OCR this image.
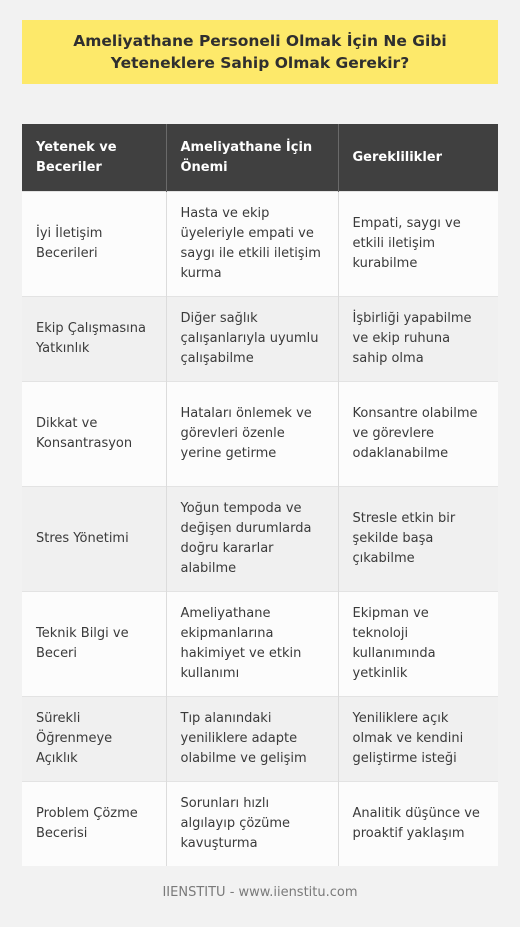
Ameliyathane Personeli Olmak İçin Ne Gibi Yeteneklere Sahip Olmak Gerekir?
Yetenek ve Beceriler	Ameliyathane İçin Önemi	Gereklilikler
İyi İletişim Becerileri	Hasta ve ekip üyeleriyle empati ve saygı ile etkili iletişim kurma	Empati, saygı ve etkili iletişim kurabilme
Ekip Çalışmasına Yatkınlık	Diğer sağlık çalışanlarıyla uyumlu çalışabilme	İşbirliği yapabilme ve ekip ruhuna sahip olma
Dikkat ve Konsantrasyon	Hataları önlemek ve görevleri özenle yerine getirme	Konsantre olabilme ve görevlere odaklanabilme
Stres Yönetimi	Yoğun tempoda ve değişen durumlarda doğru kararlar alabilme	Stresle etkin bir şekilde başa çıkabilme
Teknik Bilgi ve Beceri	Ameliyathane ekipmanlarına hakimiyet ve etkin kullanımı	Ekipman ve teknoloji kullanımında yetkinlik
Sürekli Öğrenmeye Açıklık	Tıp alanındaki yeniliklere adapte olabilme ve gelişim	Yeniliklere açık olmak ve kendini geliştirme isteği
Problem Çözme Becerisi	Sorunları hızlı algılayıp çözüme kavuşturma	Analitik düşünce ve proaktif yaklaşım
IIENSTITU - www.iienstitu.com
